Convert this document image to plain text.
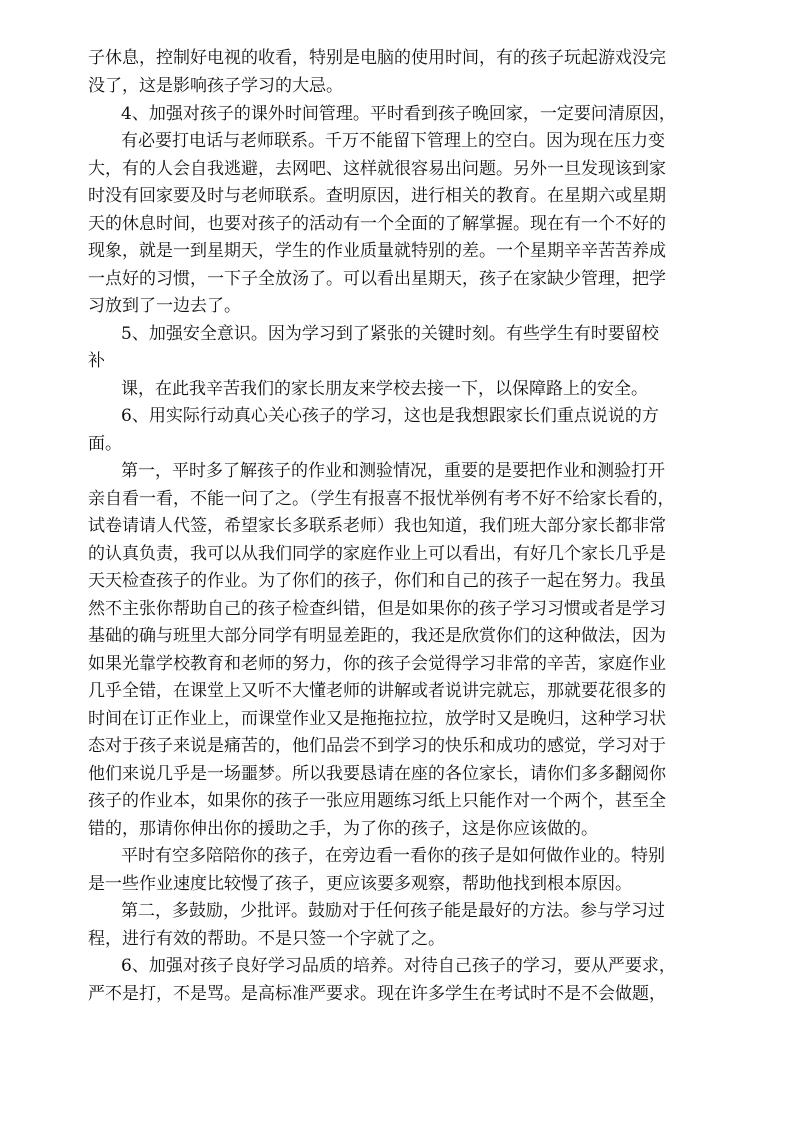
子休息，控制好电视的收看，特别是电脑的使用时间，有的孩子玩起游戏没完
没了，这是影响孩子学习的大忌。
4、加强对孩子的课外时间管理。平时看到孩子晚回家，一定要问清原因，
有必要打电话与老师联系。千万不能留下管理上的空白。因为现在压力变
大，有的人会自我逃避，去网吧、这样就很容易出问题。另外一旦发现该到家
时没有回家要及时与老师联系。查明原因，进行相关的教育。在星期六或星期
天的休息时间，也要对孩子的活动有一个全面的了解掌握。现在有一个不好的
现象，就是一到星期天，学生的作业质量就特别的差。一个星期辛辛苦苦养成
一点好的习惯，一下子全放汤了。可以看出星期天，孩子在家缺少管理，把学
习放到了一边去了。
5、加强安全意识。因为学习到了紧张的关键时刻。有些学生有时要留校
补
课，在此我辛苦我们的家长朋友来学校去接一下，以保障路上的安全。
6、用实际行动真心关心孩子的学习，这也是我想跟家长们重点说说的方
面。
第一，平时多了解孩子的作业和测验情况，重要的是要把作业和测验打开
亲自看一看，不能一问了之。（学生有报喜不报忧举例有考不好不给家长看的，
试卷请请人代签，希望家长多联系老师）我也知道，我们班大部分家长都非常
的认真负责，我可以从我们同学的家庭作业上可以看出，有好几个家长几乎是
天天检查孩子的作业。为了你们的孩子，你们和自己的孩子一起在努力。我虽
然不主张你帮助自己的孩子检查纠错，但是如果你的孩子学习习惯或者是学习
基础的确与班里大部分同学有明显差距的，我还是欣赏你们的这种做法，因为
如果光靠学校教育和老师的努力，你的孩子会觉得学习非常的辛苦，家庭作业
几乎全错，在课堂上又听不大懂老师的讲解或者说讲完就忘，那就要花很多的
时间在订正作业上，而课堂作业又是拖拖拉拉，放学时又是晚归，这种学习状
态对于孩子来说是痛苦的，他们品尝不到学习的快乐和成功的感觉，学习对于
他们来说几乎是一场噩梦。所以我要恳请在座的各位家长，请你们多多翻阅你
孩子的作业本，如果你的孩子一张应用题练习纸上只能作对一个两个，甚至全
错的，那请你伸出你的援助之手，为了你的孩子，这是你应该做的。
平时有空多陪陪你的孩子，在旁边看一看你的孩子是如何做作业的。特别
是一些作业速度比较慢了孩子，更应该要多观察，帮助他找到根本原因。
第二，多鼓励，少批评。鼓励对于任何孩子能是最好的方法。参与学习过
程，进行有效的帮助。不是只签一个字就了之。
6、加强对孩子良好学习品质的培养。对待自己孩子的学习，要从严要求，
严不是打，不是骂。是高标准严要求。现在许多学生在考试时不是不会做题，
